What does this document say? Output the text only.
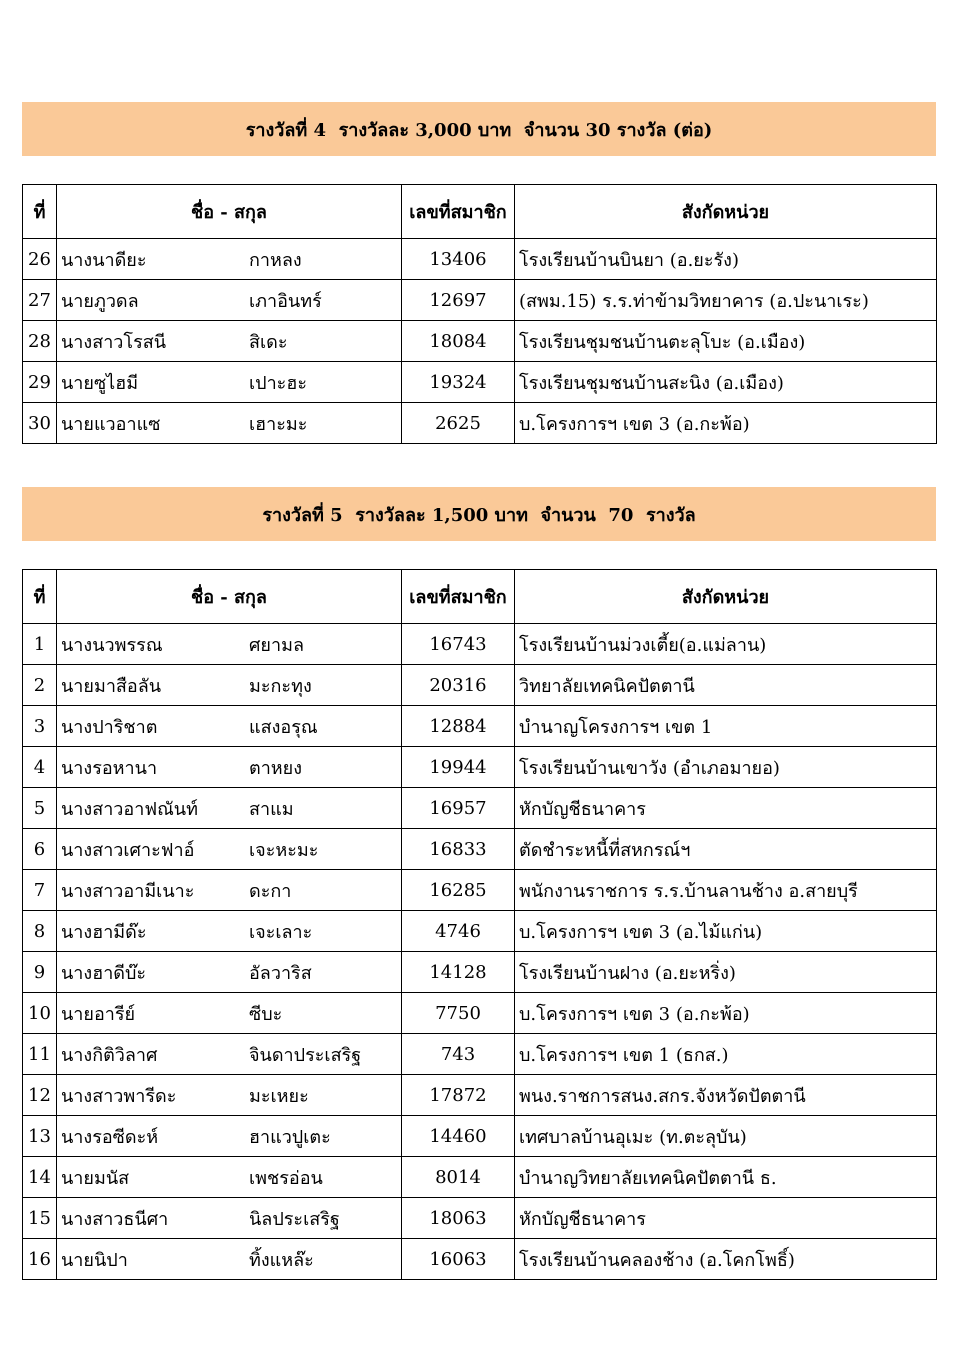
รางวัลที่ 4  รางวัลละ 3,000 บาท  จำนวน 30 รางวัล (ต่อ)
ที่	ชื่อ - สกุล	เลขที่สมาชิก	สังกัดหน่วย
26	นางนาดียะ กาหลง	13406	โรงเรียนบ้านบินยา (อ.ยะรัง)
27	นายภูวดล เภาอินทร์	12697	(สพม.15) ร.ร.ท่าข้ามวิทยาคาร (อ.ปะนาเระ)
28	นางสาวโรสนี สิเดะ	18084	โรงเรียนชุมชนบ้านตะลุโบะ (อ.เมือง)
29	นายซูไฮมี เปาะฮะ	19324	โรงเรียนชุมชนบ้านสะนิง (อ.เมือง)
30	นายแวอาแซ เฮาะมะ	2625	บ.โครงการฯ เขต 3 (อ.กะพ้อ)
รางวัลที่ 5  รางวัลละ 1,500 บาท  จำนวน  70  รางวัล
ที่	ชื่อ - สกุล	เลขที่สมาชิก	สังกัดหน่วย
1	นางนวพรรณ ศยามล	16743	โรงเรียนบ้านม่วงเตี้ย(อ.แม่ลาน)
2	นายมาสือลัน มะกะทุง	20316	วิทยาลัยเทคนิคปัตตานี
3	นางปาริชาต แสงอรุณ	12884	บำนาญโครงการฯ เขต 1
4	นางรอหานา ตาหยง	19944	โรงเรียนบ้านเขาวัง (อำเภอมายอ)
5	นางสาวอาฟณันท์ สาแม	16957	หักบัญชีธนาคาร
6	นางสาวเศาะฟาอ์ เจะหะมะ	16833	ตัดชำระหนี้ที่สหกรณ์ฯ
7	นางสาวอามีเนาะ ดะกา	16285	พนักงานราชการ ร.ร.บ้านลานช้าง อ.สายบุรี
8	นางฮามีด๊ะ เจะเลาะ	4746	บ.โครงการฯ เขต 3 (อ.ไม้แก่น)
9	นางฮาดีบ๊ะ อัลวาริส	14128	โรงเรียนบ้านฝาง (อ.ยะหริ่ง)
10	นายอารีย์ ซีบะ	7750	บ.โครงการฯ เขต 3 (อ.กะพ้อ)
11	นางกิติวิลาศ จินดาประเสริฐ	743	บ.โครงการฯ เขต 1 (ธกส.)
12	นางสาวพารีดะ มะเหยะ	17872	พนง.ราชการสนง.สกร.จังหวัดปัตตานี
13	นางรอซีดะห์ ฮาแวปูเตะ	14460	เทศบาลบ้านอุเมะ (ท.ตะลุบัน)
14	นายมนัส เพชรอ่อน	8014	บำนาญวิทยาลัยเทคนิคปัตตานี ธ.
15	นางสาวธนีศา นิลประเสริฐ	18063	หักบัญชีธนาคาร
16	นายนิปา ทิ้งแหล๊ะ	16063	โรงเรียนบ้านคลองช้าง (อ.โคกโพธิ์)
